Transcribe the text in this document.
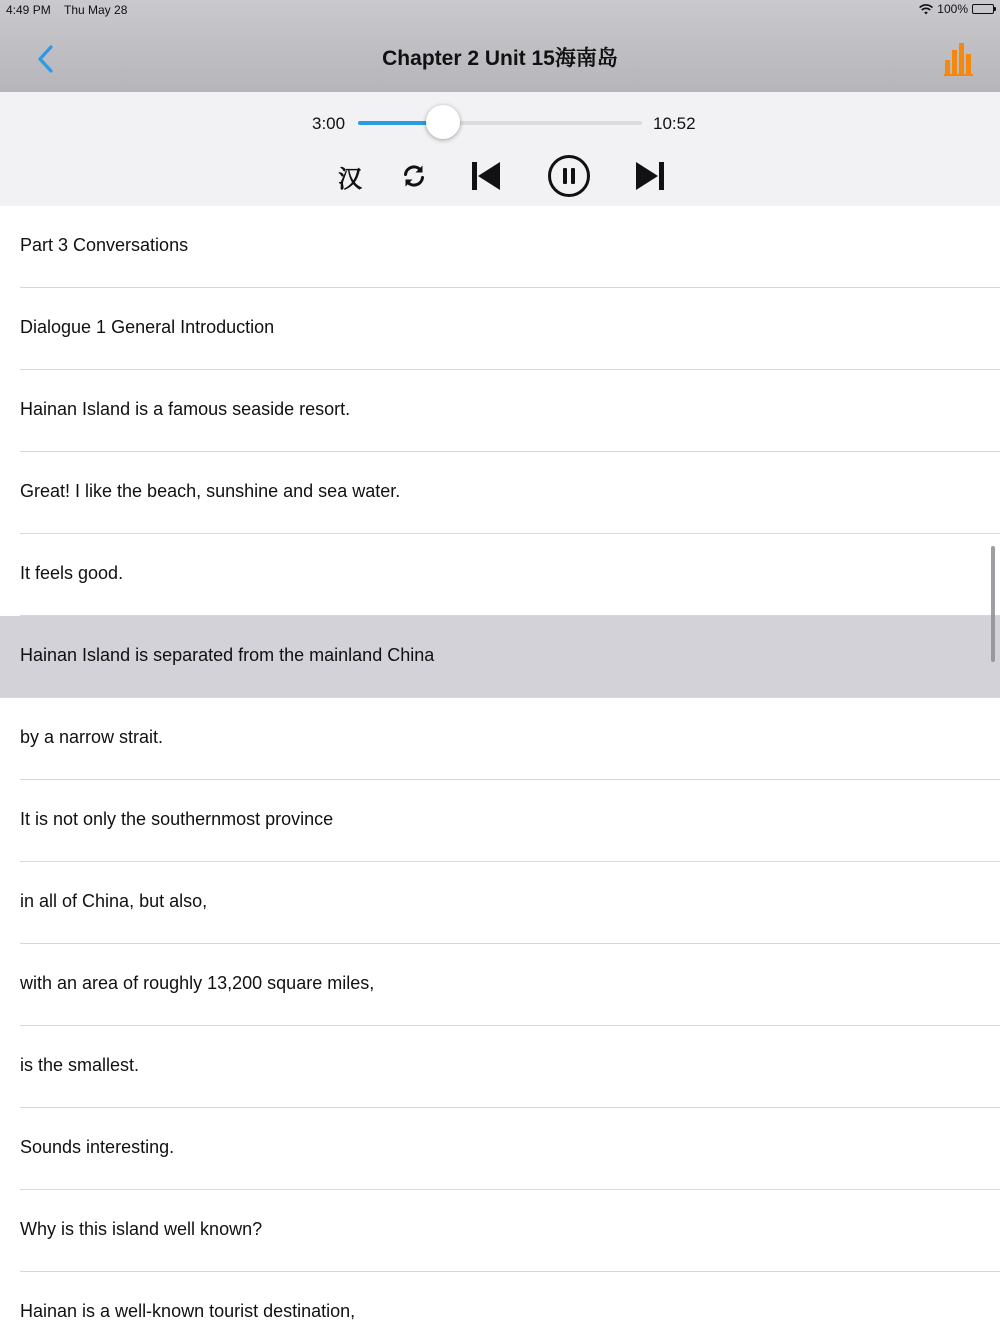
4:49 PM Thu May 28	100%
Chapter 2 Unit 15海南岛
3:00	10:52
汉
Part 3 Conversations
Dialogue 1 General Introduction
Hainan Island is a famous seaside resort.
Great! I like the beach, sunshine and sea water.
It feels good.
Hainan Island is separated from the mainland China
by a narrow strait.
It is not only the southernmost province
in all of China, but also,
with an area of roughly 13,200 square miles,
is the smallest.
Sounds interesting.
Why is this island well known?
Hainan is a well-known tourist destination,
